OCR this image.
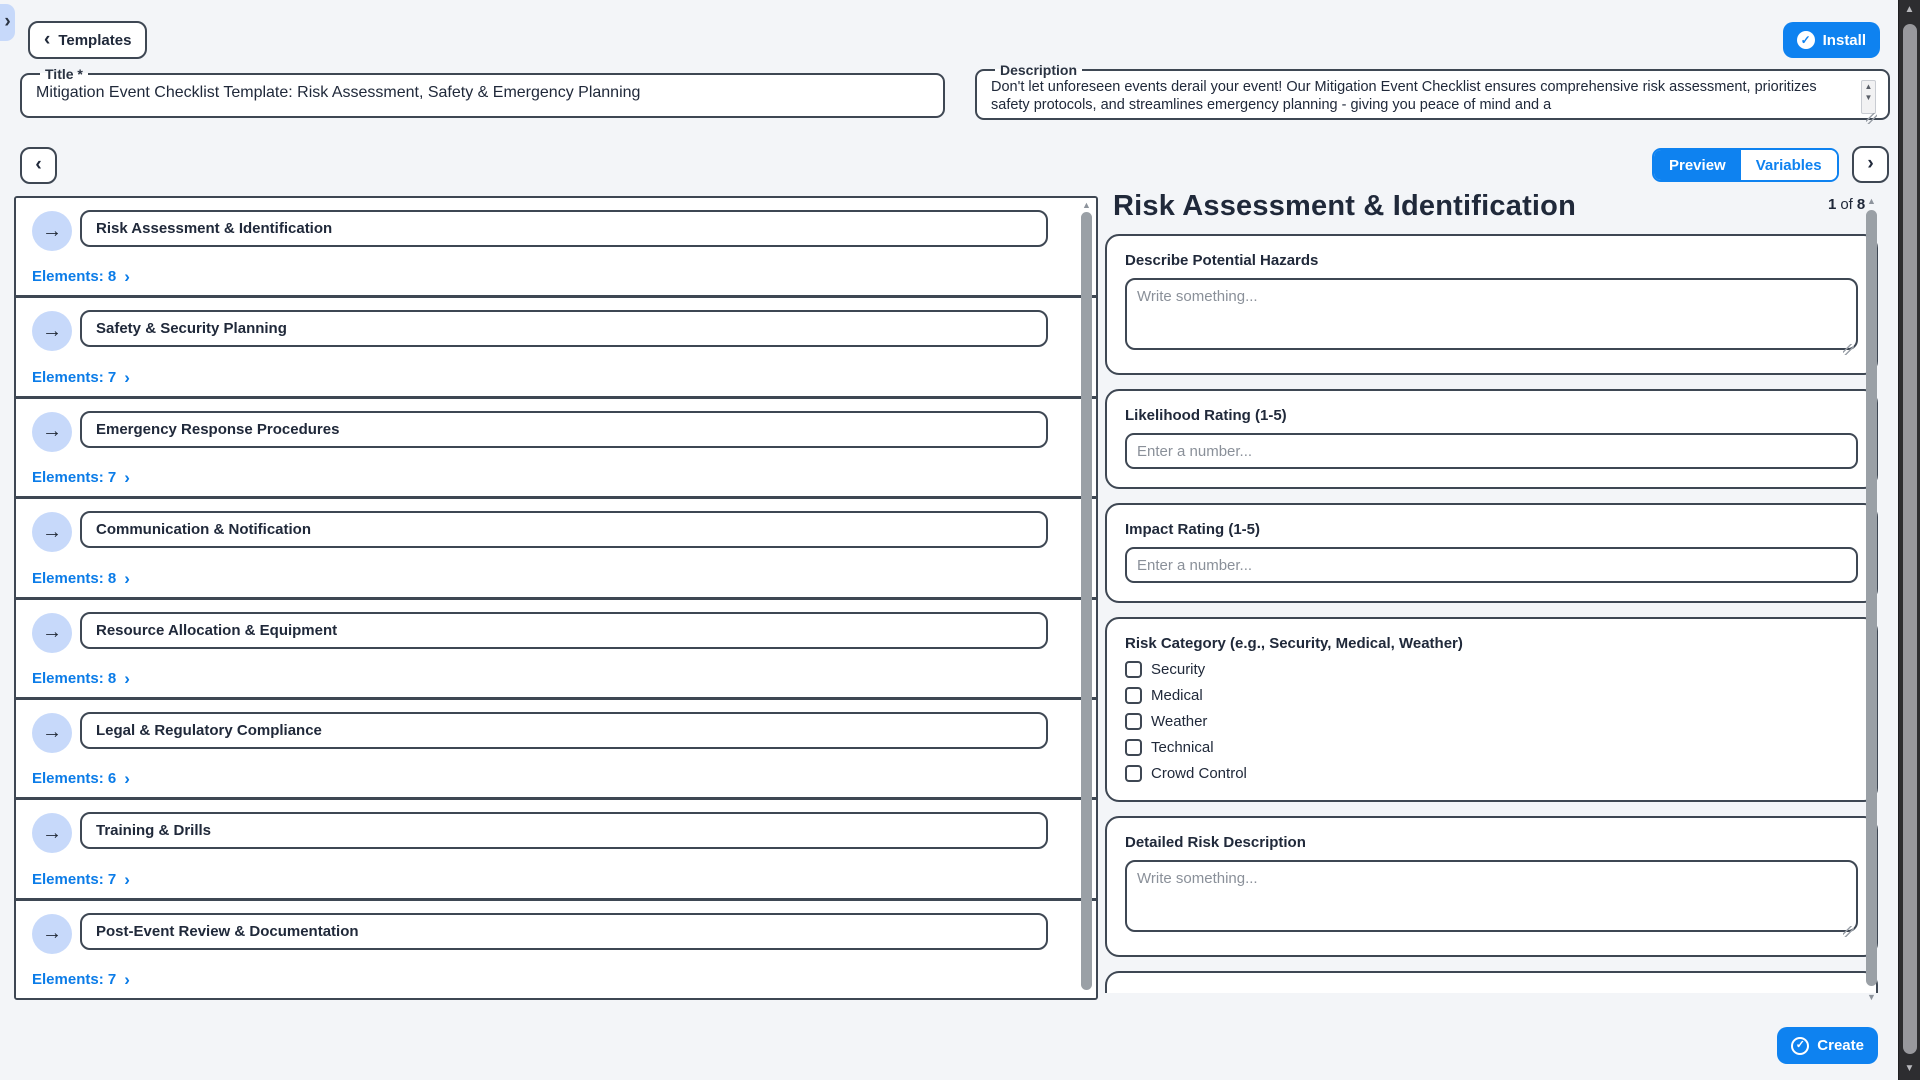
›
‹ Templates	✓ Install
Title *
Mitigation Event Checklist Template: Risk Assessment, Safety & Emergency Planning	Description
Don't let unforeseen events derail your event! Our Mitigation Event Checklist ensures comprehensive risk assessment, prioritizes safety protocols, and streamlines emergency planning - giving you peace of mind and a
▲
▼
‹	Preview	Variables	›
1 of 8
→
Risk Assessment & Identification
Elements: 8 ›
→
Safety & Security Planning
Elements: 7 ›
→
Emergency Response Procedures
Elements: 7 ›
→
Communication & Notification
Elements: 8 ›
→
Resource Allocation & Equipment
Elements: 8 ›
→
Legal & Regulatory Compliance
Elements: 6 ›
→
Training & Drills
Elements: 7 ›
→
Post-Event Review & Documentation
Elements: 7 ›
▲ Risk Assessment & Identification
Describe Potential Hazards
Write something...
Likelihood Rating (1-5)
Enter a number...
Impact Rating (1-5)
Enter a number...
Risk Category (e.g., Security, Medical, Weather)
Security
Medical
Weather
Technical
Crowd Control
Detailed Risk Description
Write something...
▲
▼
✓ Create
▲
▼
